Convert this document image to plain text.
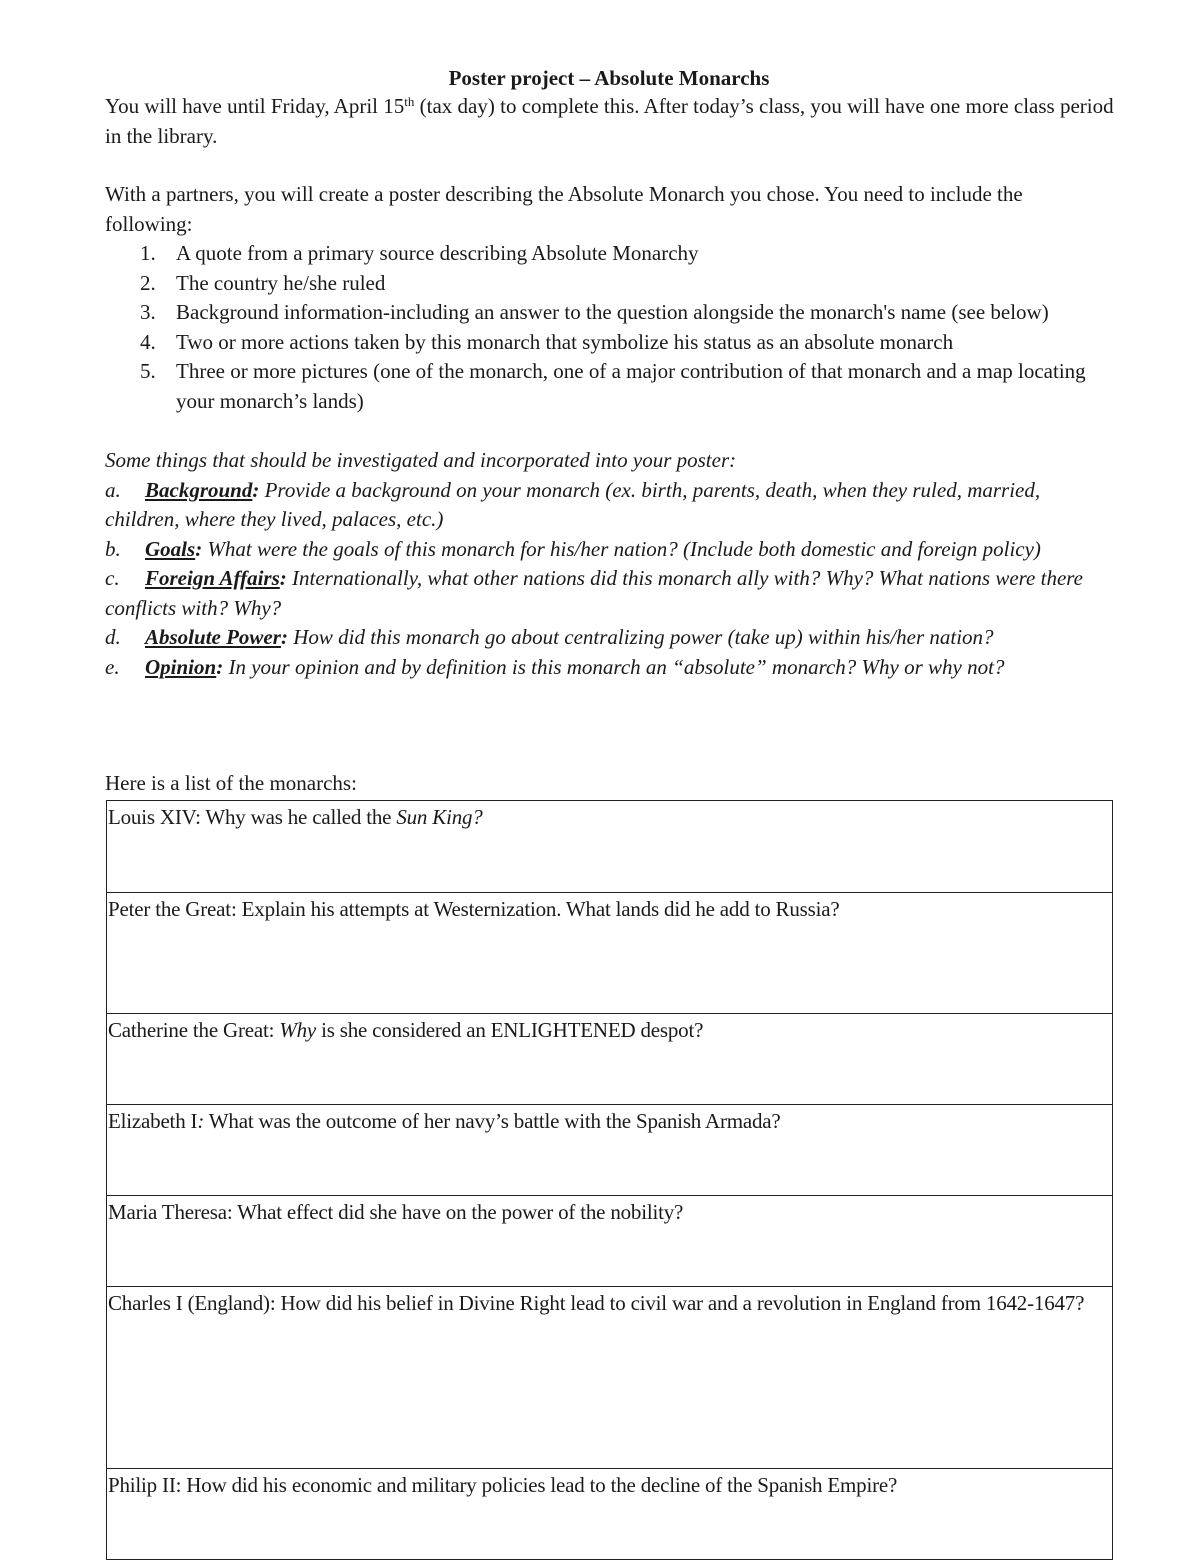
Poster project – Absolute Monarchs
You will have until Friday, April 15th (tax day) to complete this. After today’s class, you will have one more class period in the library.
With a partners, you will create a poster describing the Absolute Monarch you chose. You need to include the following:
1. A quote from a primary source describing Absolute Monarchy
2. The country he/she ruled
3. Background information-including an answer to the question alongside the monarch's name (see below)
4. Two or more actions taken by this monarch that symbolize his status as an absolute monarch
5. Three or more pictures (one of the monarch, one of a major contribution of that monarch and a map locating your monarch’s lands)
Some things that should be investigated and incorporated into your poster:
a. Background: Provide a background on your monarch (ex. birth, parents, death, when they ruled, married, children, where they lived, palaces, etc.)
b. Goals: What were the goals of this monarch for his/her nation? (Include both domestic and foreign policy)
c. Foreign Affairs: Internationally, what other nations did this monarch ally with? Why? What nations were there conflicts with? Why?
d. Absolute Power: How did this monarch go about centralizing power (take up) within his/her nation?
e. Opinion: In your opinion and by definition is this monarch an “absolute” monarch? Why or why not?
Here is a list of the monarchs:
Louis XIV: Why was he called the Sun King?
Peter the Great: Explain his attempts at Westernization. What lands did he add to Russia?
Catherine the Great: Why is she considered an ENLIGHTENED despot?
Elizabeth I: What was the outcome of her navy’s battle with the Spanish Armada?
Maria Theresa: What effect did she have on the power of the nobility?
Charles I (England): How did his belief in Divine Right lead to civil war and a revolution in England from 1642-1647?
Philip II: How did his economic and military policies lead to the decline of the Spanish Empire?
